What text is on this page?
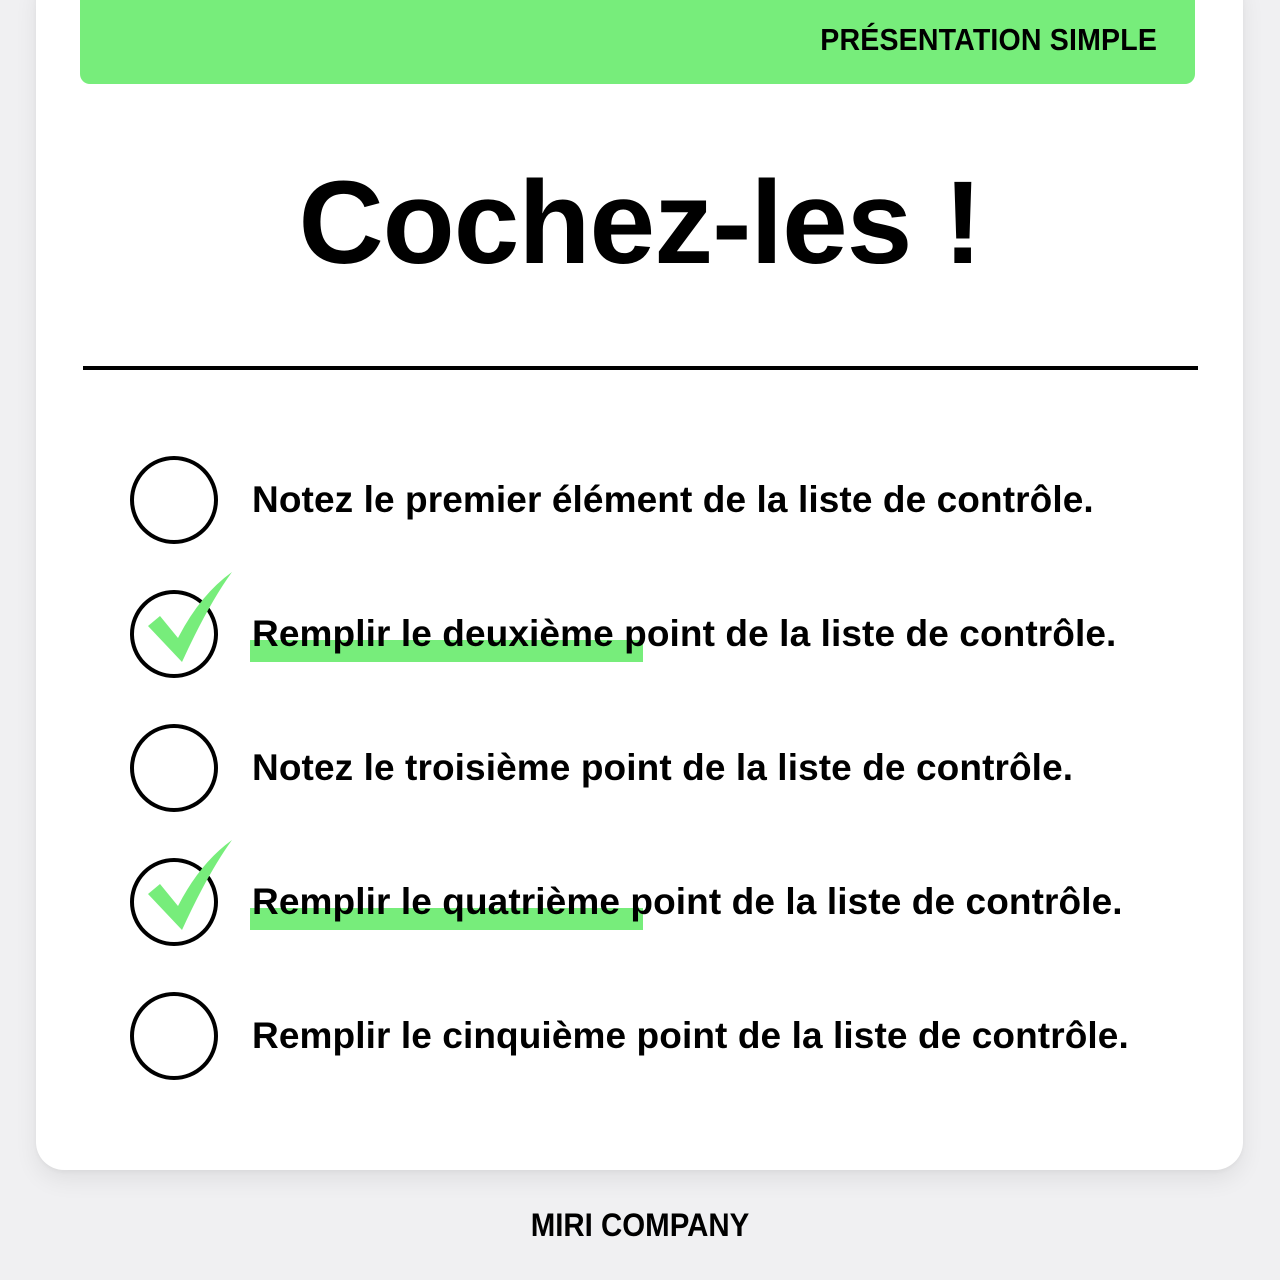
PRÉSENTATION SIMPLE
Cochez-les !
Notez le premier élément de la liste de contrôle.
Remplir le deuxième point de la liste de contrôle.
Notez le troisième point de la liste de contrôle.
Remplir le quatrième point de la liste de contrôle.
Remplir le cinquième point de la liste de contrôle.
MIRI COMPANY
